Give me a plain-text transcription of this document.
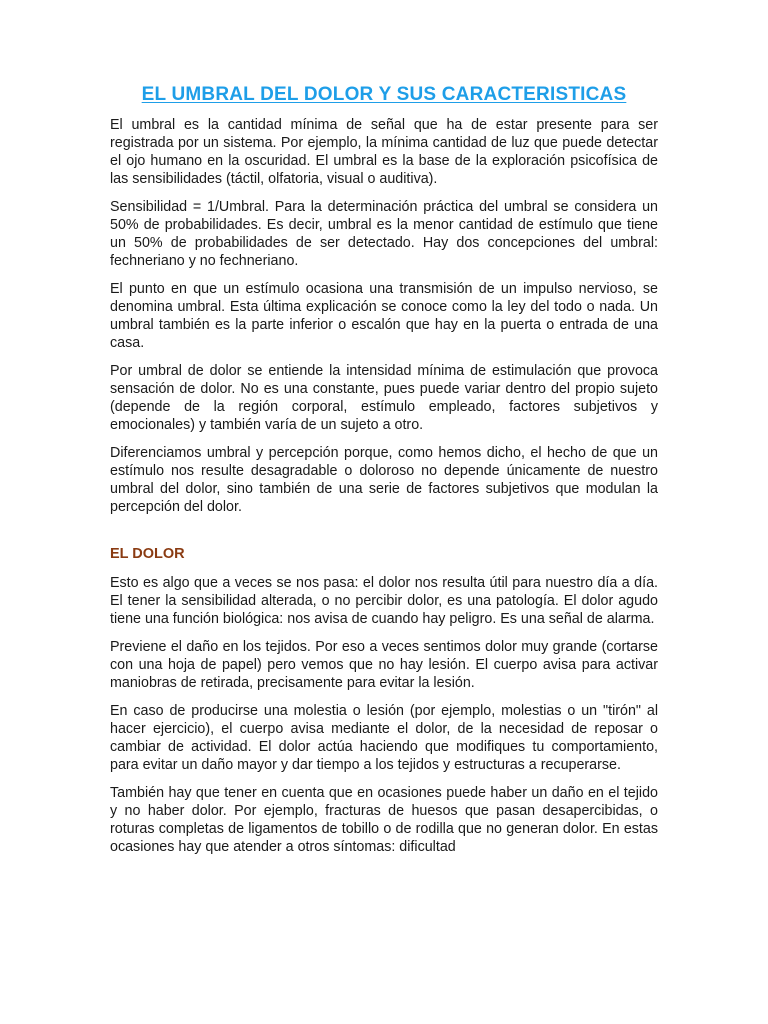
EL UMBRAL DEL DOLOR Y SUS CARACTERISTICAS

El umbral es la cantidad mínima de señal que ha de estar presente para ser registrada por un sistema. Por ejemplo, la mínima cantidad de luz que puede detectar el ojo humano en la oscuridad. El umbral es la base de la exploración psicofísica de las sensibilidades (táctil, olfatoria, visual o auditiva).

Sensibilidad = 1/Umbral. Para la determinación práctica del umbral se considera un 50% de probabilidades. Es decir, umbral es la menor cantidad de estímulo que tiene un 50% de probabilidades de ser detectado. Hay dos concepciones del umbral: fechneriano y no fechneriano.

El punto en que un estímulo ocasiona una transmisión de un impulso nervioso, se denomina umbral. Esta última explicación se conoce como la ley del todo o nada. Un umbral también es la parte inferior o escalón que hay en la puerta o entrada de una casa.

Por umbral de dolor se entiende la intensidad mínima de estimulación que provoca sensación de dolor. No es una constante, pues puede variar dentro del propio sujeto (depende de la región corporal, estímulo empleado, factores subjetivos y emocionales) y también varía de un sujeto a otro.

Diferenciamos umbral y percepción porque, como hemos dicho, el hecho de que un estímulo nos resulte desagradable o doloroso no depende únicamente de nuestro umbral del dolor, sino también de una serie de factores subjetivos que modulan la percepción del dolor.

EL DOLOR

Esto es algo que a veces se nos pasa: el dolor nos resulta útil para nuestro día a día. El tener la sensibilidad alterada, o no percibir dolor, es una patología. El dolor agudo tiene una función biológica: nos avisa de cuando hay peligro. Es una señal de alarma.

Previene el daño en los tejidos. Por eso a veces sentimos dolor muy grande (cortarse con una hoja de papel) pero vemos que no hay lesión. El cuerpo avisa para activar maniobras de retirada, precisamente para evitar la lesión.

En caso de producirse una molestia o lesión (por ejemplo, molestias o un "tirón" al hacer ejercicio), el cuerpo avisa mediante el dolor, de la necesidad de reposar o cambiar de actividad. El dolor actúa haciendo que modifiques tu comportamiento, para evitar un daño mayor y dar tiempo a los tejidos y estructuras a recuperarse.

También hay que tener en cuenta que en ocasiones puede haber un daño en el tejido y no haber dolor. Por ejemplo, fracturas de huesos que pasan desapercibidas, o roturas completas de ligamentos de tobillo o de rodilla que no generan dolor. En estas ocasiones hay que atender a otros síntomas: dificultad
